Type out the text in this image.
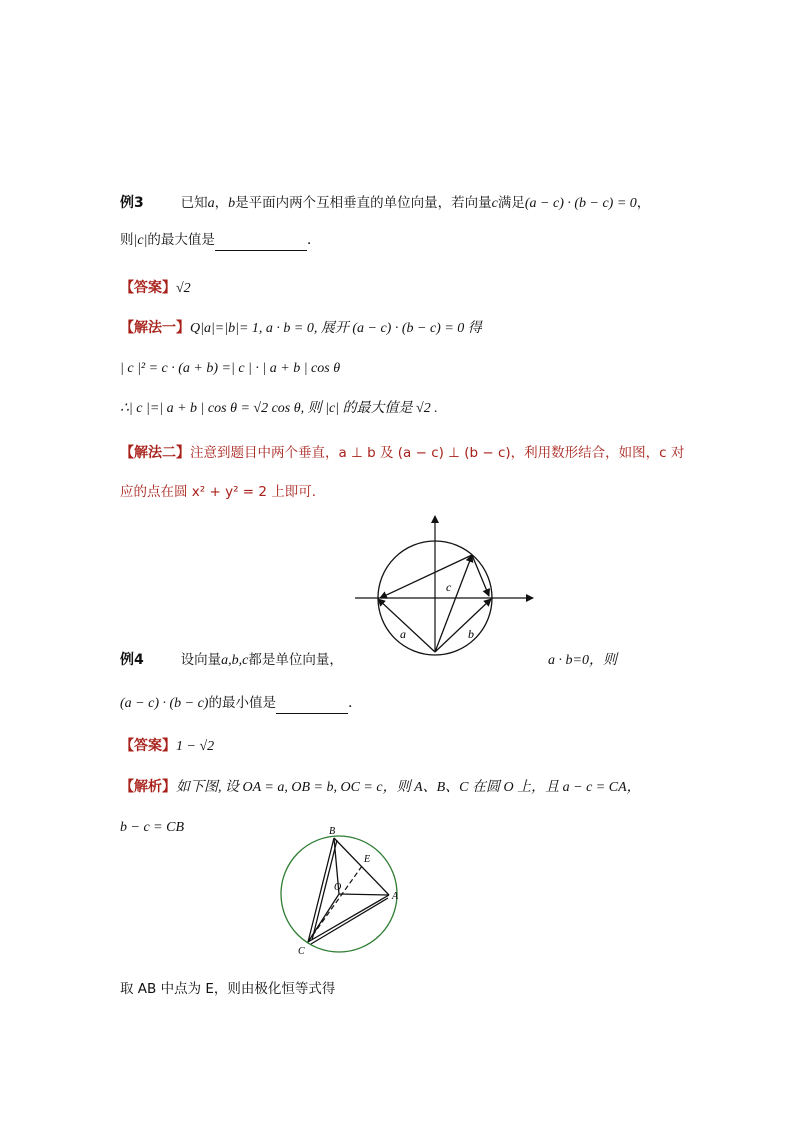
例3	已知a，b是平面内两个互相垂直的单位向量，若向量c满足(a − c) · (b − c) = 0，
则|c|的最大值是	.
【答案】√2
【解法一】Q|a|=|b|= 1, a · b = 0, 展开 (a − c) · (b − c) = 0 得
| c |² = c · (a + b) =| c | · | a + b | cos θ
∴| c |=| a + b | cos θ = √2 cos θ, 则 |c| 的最大值是 √2 .
【解法二】注意到题目中两个垂直，a ⊥ b 及 (a − c) ⊥ (b − c)，利用数形结合，如图，c 对
应的点在圆 x² + y² = 2 上即可.
c
a	b
例4	设向量a,b,c都是单位向量，	a · b=0，则
(a − c) · (b − c)的最小值是	.
【答案】1 − √2
【解析】如下图, 设 OA = a, OB = b, OC = c，则 A、B、C 在圆 O 上，且 a − c = CA，
b − c = CB	B
E
O
A
C
取 AB 中点为 E，则由极化恒等式得
